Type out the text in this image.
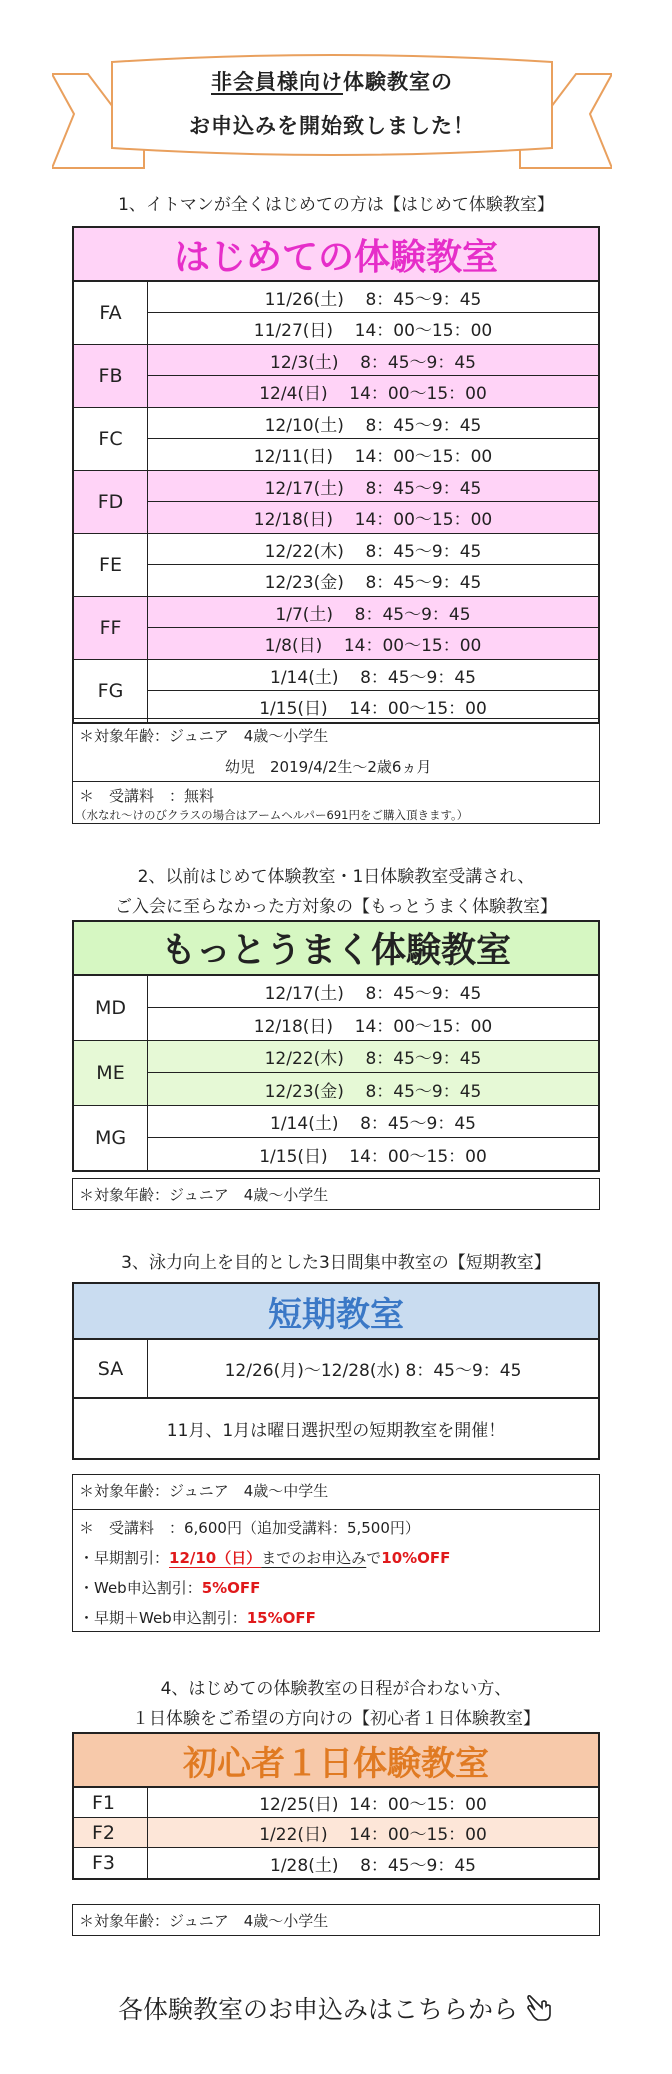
非会員様向け体験教室の
お申込みを開始致しました！
1、イトマンが全くはじめての方は【はじめて体験教室】
はじめての体験教室
FA
11/26(土)    8：45〜9：45
11/27(日)    14：00〜15：00
FB
12/3(土)    8：45〜9：45
12/4(日)    14：00〜15：00
FC
12/10(土)    8：45〜9：45
12/11(日)    14：00〜15：00
FD
12/17(土)    8：45〜9：45
12/18(日)    14：00〜15：00
FE
12/22(木)    8：45〜9：45
12/23(金)    8：45〜9：45
FF
1/7(土)    8：45〜9：45
1/8(日)    14：00〜15：00
FG
1/14(土)    8：45〜9：45
1/15(日)    14：00〜15：00
＊対象年齢：ジュニア　4歳〜小学生
幼児　2019/4/2生〜2歳6ヵ月
＊　受講料　：無料
（水なれ〜けのびクラスの場合はアームヘルパー691円をご購入頂きます。）
2、以前はじめて体験教室・1日体験教室受講され、
ご入会に至らなかった方対象の【もっとうまく体験教室】
もっとうまく体験教室
MD
12/17(土)    8：45〜9：45
12/18(日)    14：00〜15：00
ME
12/22(木)    8：45〜9：45
12/23(金)    8：45〜9：45
MG
1/14(土)    8：45〜9：45
1/15(日)    14：00〜15：00
＊対象年齢：ジュニア　4歳〜小学生
3、泳力向上を目的とした3日間集中教室の【短期教室】
短期教室
SA	12/26(月)〜12/28(水) 8：45〜9：45
11月、1月は曜日選択型の短期教室を開催！
＊対象年齢：ジュニア　4歳〜中学生
＊　受講料　：6,600円（追加受講料：5,500円）
・早期割引：12/10（日）までのお申込みで10%OFF
・Web申込割引：5%OFF
・早期＋Web申込割引：15%OFF
4、はじめての体験教室の日程が合わない方、
１日体験をご希望の方向けの【初心者１日体験教室】
初心者１日体験教室
F1	12/25(日)  14：00〜15：00
F2	1/22(日)    14：00〜15：00
F3	1/28(土)    8：45〜9：45
＊対象年齢：ジュニア　4歳〜小学生
各体験教室のお申込みはこちらから
